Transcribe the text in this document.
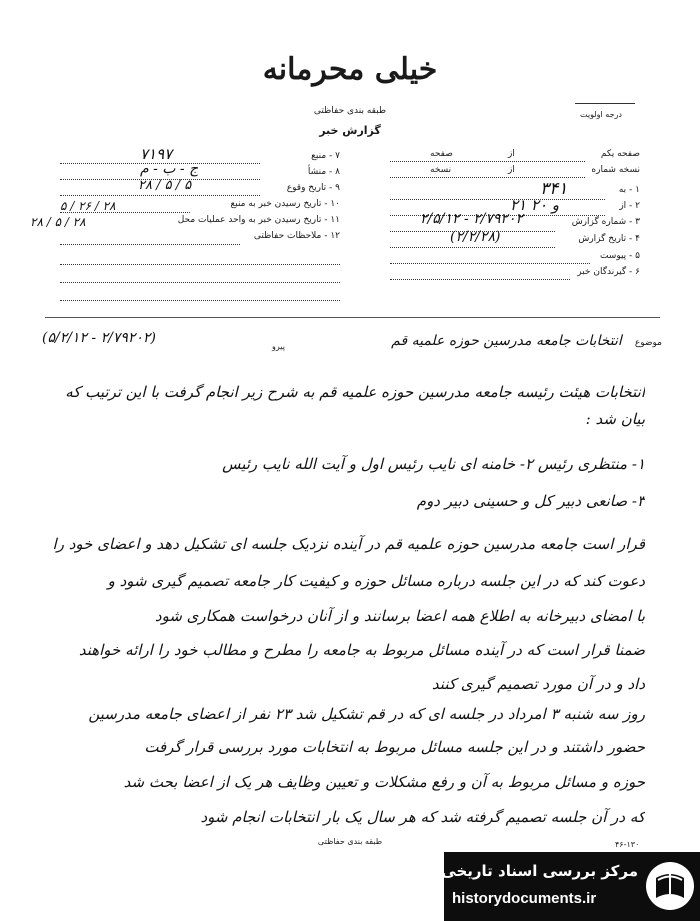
خیلی محرمانه
طبقه بندی حفاظتی
گزارش خبر
درجه اولویت
۷ - منبع
۷۱۹۷
۸ - منشأ
ج - ب - م
۹ - تاریخ وقوع
۲۸ / ۵ / ۵
۱۰ - تاریخ رسیدن خبر به منبع
۵ / ۲۶ / ۲۸
۱۱ - تاریخ رسیدن خبر به واحد عملیات محل
۲۸ / ۵ / ۲۸
۱۲ - ملاحظات حفاظتی
صفحه یکم
از
صفحه
نسخه شماره
از
نسخه
۱ - به
۳۴۱
۲ - از
۲۱ و ۲۰
۳ - شماره گزارش
۲/۵/۱۲ - ۲/۷۹۲۰۲
۴ - تاریخ گزارش
(۲/۲/۲۸)
۵ - پیوست
۶ - گیرندگان خبر
موضوع انتخابات جامعه مدرسین حوزه علمیه قم
پیرو
(۵/۲/۱۲ - ۲/۷۹۲۰۲)
انتخابات هیئت رئیسه جامعه مدرسین حوزه علمیه قم به شرح زیر انجام گرفت با این ترتیب که
بیان شد :
۱- منتظری رئیس ۲- خامنه ای نایب رئیس اول و آیت الله نایب رئیس
۳- صانعی دبیر کل و حسینی دبیر دوم
قرار است جامعه مدرسین حوزه علمیه قم در آینده نزدیک جلسه ای تشکیل دهد و اعضای خود را
دعوت کند که در این جلسه درباره مسائل حوزه و کیفیت کار جامعه تصمیم گیری شود و
با امضای دبیرخانه به اطلاع همه اعضا برسانند و از آنان درخواست همکاری شود
ضمنا قرار است که در آینده مسائل مربوط به جامعه را مطرح و مطالب خود را ارائه خواهند
داد و در آن مورد تصمیم گیری کنند
روز سه شنبه ۳ امرداد در جلسه ای که در قم تشکیل شد ۲۳ نفر از اعضای جامعه مدرسین
حضور داشتند و در این جلسه مسائل مربوط به انتخابات مورد بررسی قرار گرفت
حوزه و مسائل مربوط به آن و رفع مشکلات و تعیین وظایف هر یک از اعضا بحث شد
که در آن جلسه تصمیم گرفته شد که هر سال یک بار انتخابات انجام شود
طبقه بندی حفاظتی	۴۶-۱۳۰
مرکز بررسی اسناد تاریخی
historydocuments.ir
